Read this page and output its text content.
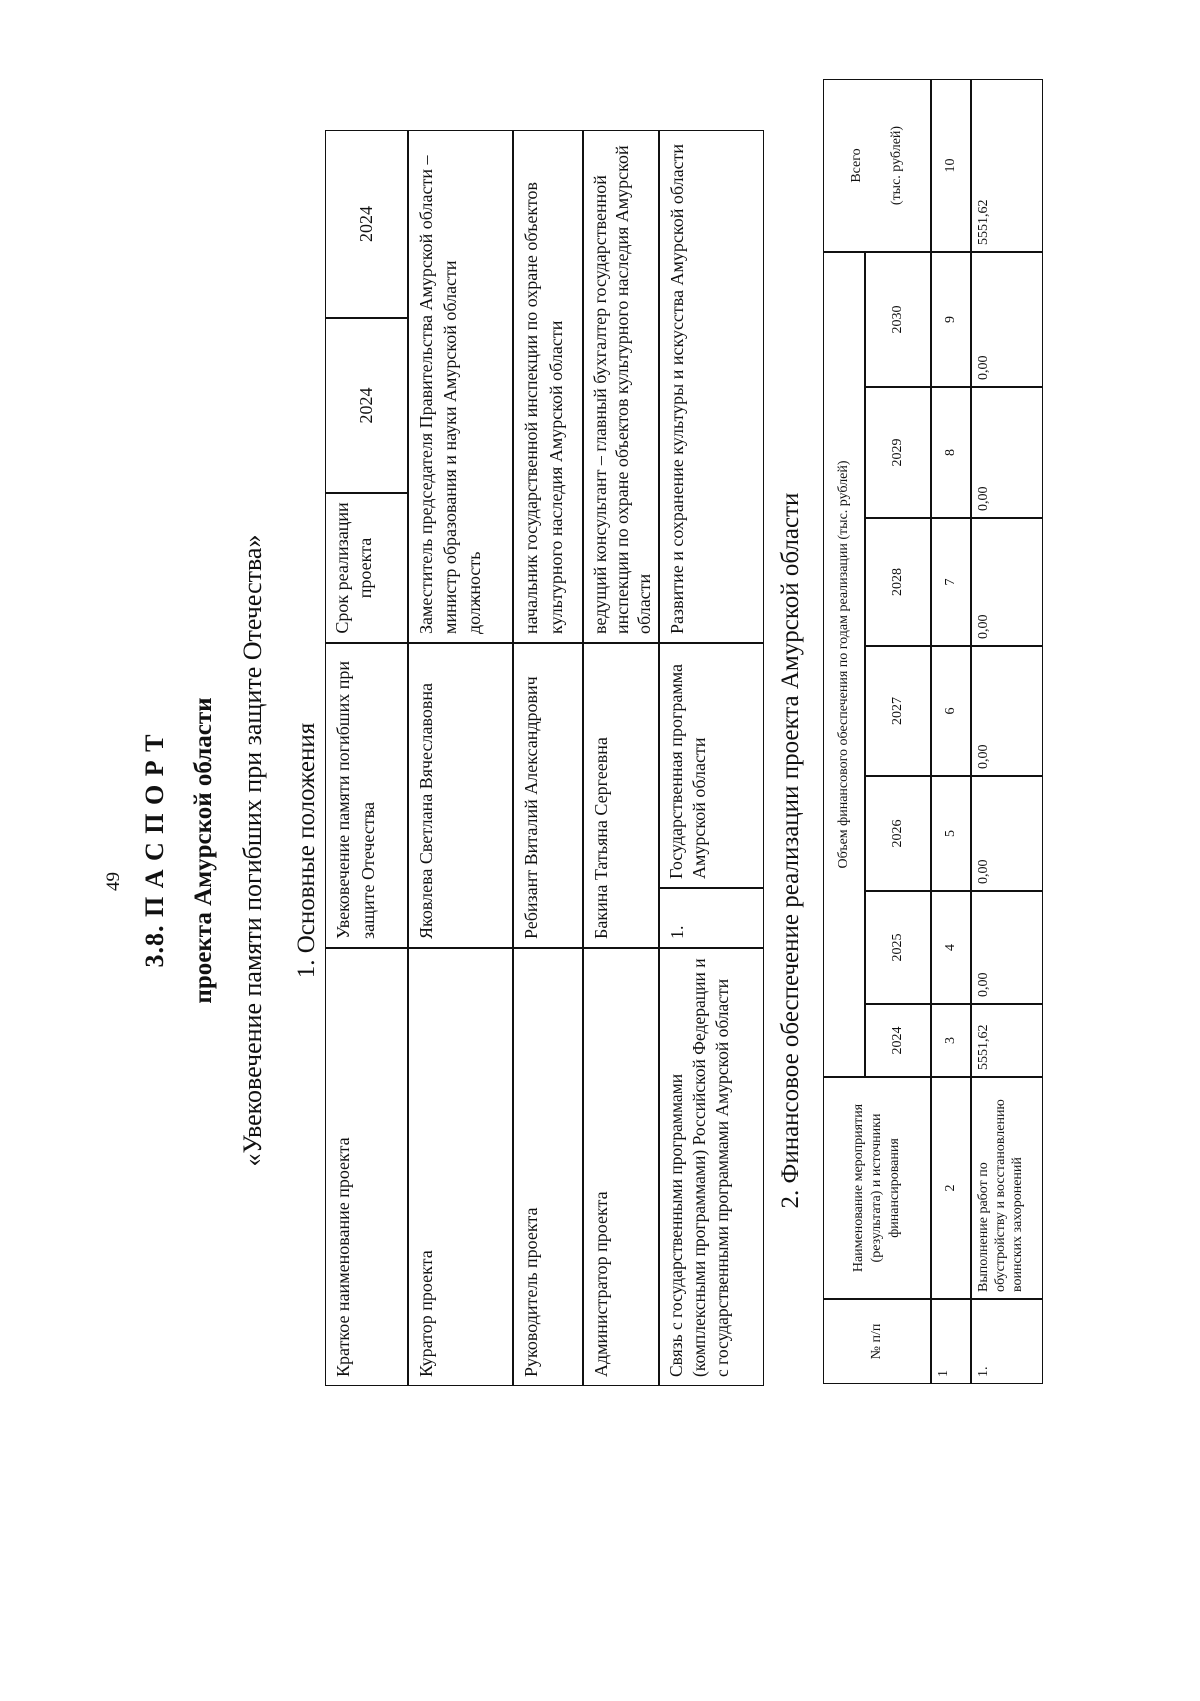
49 3.8. П А С П О Р Т проекта Амурской области «Увековечение памяти погибших при защите Отечества» 1. Основные положения
Краткое наименование проекта
Увековечение памяти погибших при защите Отечества
Срок реализации проекта
2024
2024
Куратор проекта
Яковлева Светлана Вячеславовна
Заместитель председателя Правительства Амурской области – министр образования и науки Амурской области должность
Руководитель проекта
Ребизант Виталий Александрович
начальник государственной инспекции по охране объектов культурного наследия Амурской области
Администратор проекта
Бакина Татьяна Сергеевна
ведущий консультант – главный бухгалтер государственной инспекции по охране объектов культурного наследия Амурской области
Связь с государственными программами (комплексными программами) Российской Федерации и с государственными программами Амурской области
1.
Государственная программа Амурской области
Развитие и сохранение культуры и искусства Амурской области
2. Финансовое обеспечение реализации проекта Амурской области
№ п/п
Наименование мероприятия (результата) и источники финансирования
Объем финансового обеспечения по годам реализации (тыс. рублей)
Всего (тыс. рублей)
2024
2025
2026
2027
2028
2029
2030
1
2
3
4
5
6
7
8
9
10
1.
Выполнение работ по обустройству и восстановлению воинских захоронений
5551,62
0,00
0,00
0,00
0,00
0,00
0,00
5551,62
